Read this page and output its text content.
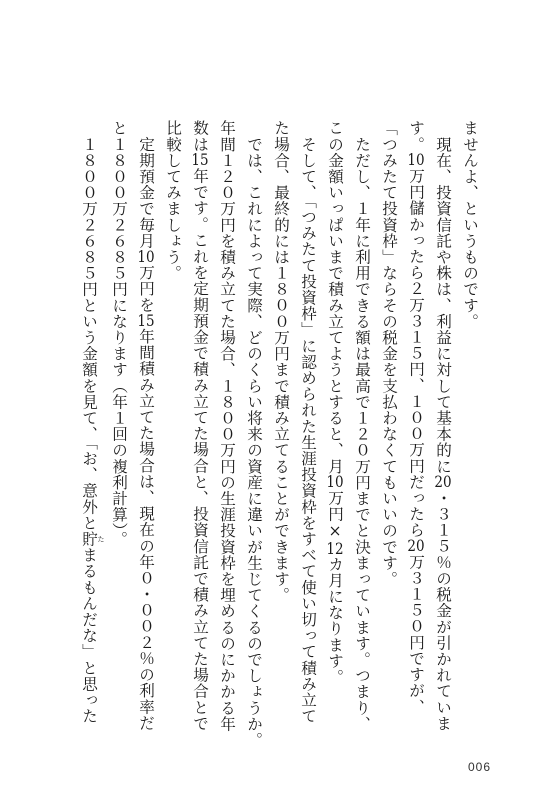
ませんよ、というものです。
　現在、投資信託や株は、利益に対して基本的に20・３１５％の税金が引かれていま
す。10万円儲かったら２万３１５円、１００万円だったら20万３１５０円ですが、
「つみたて投資枠」ならその税金を支払わなくてもいいのです。
　ただし、１年に利用できる額は最高で１２０万円までと決まっています。つまり、
この金額いっぱいまで積み立てようとすると、月10万円×12カ月になります。
　そして、「つみたて投資枠」に認められた生涯投資枠をすべて使い切って積み立て
た場合、最終的には１８００万円まで積み立てることができます。
　では、これによって実際、どのくらい将来の資産に違いが生じてくるのでしょうか。
年間１２０万円を積み立てた場合、１８００万円の生涯投資枠を埋めるのにかかる年
数は15年です。これを定期預金で積み立てた場合と、投資信託で積み立てた場合とで
比較してみましょう。
　定期預金で毎月10万円を15年間積み立てた場合は、現在の年０・００２％の利率だ
と１８００万２６８５円になります（年１回の複利計算）。
　１８００万２６８５円という金額を見て、「お、意外と貯 たまるもんだな」と思った
006
